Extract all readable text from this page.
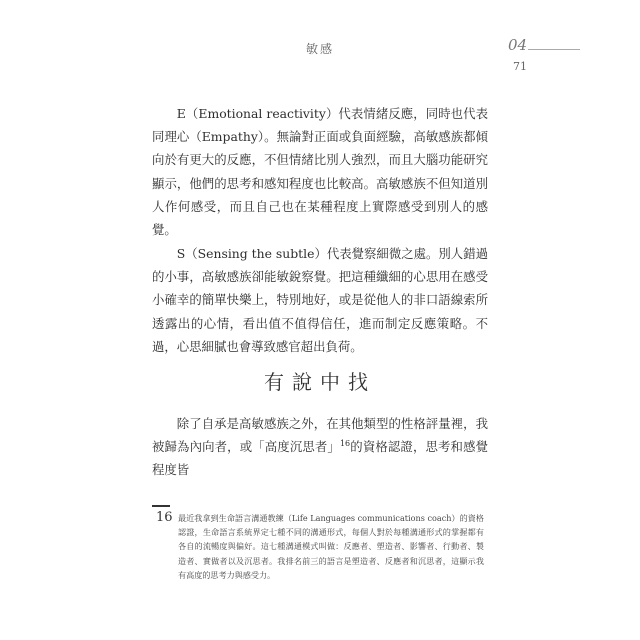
敏感	04
71

E（Emotional reactivity）代表情緒反應，同時也代表同理心（Empathy）。無論對正面或負面經驗，高敏感族都傾向於有更大的反應，不但情緒比別人強烈，而且大腦功能研究顯示，他們的思考和感知程度也比較高。高敏感族不但知道別人作何感受，而且自己也在某種程度上實際感受到別人的感覺。

S（Sensing the subtle）代表覺察細微之處。別人錯過的小事，高敏感族卻能敏銳察覺。把這種纖細的心思用在感受小確幸的簡單快樂上，特別地好，或是從他人的非口語線索所透露出的心情，看出值不值得信任，進而制定反應策略。不過，心思細膩也會導致感官超出負荷。

有說中找

除了自承是高敏感族之外，在其他類型的性格評量裡，我被歸為內向者，或「高度沉思者」$^{16}$的資格認證，思考和感覺程度皆

16 最近我拿到生命語言溝通教練（Life Languages communications coach）的資格認證，生命語言系統界定七種不同的溝通形式，每個人對於每種溝通形式的掌握都有各自的流暢度與偏好。這七種溝通模式叫做：反應者、塑造者、影響者、行動者、製造者、實做者以及沉思者。我排名前三的語言是塑造者、反應者和沉思者，這顯示我有高度的思考力與感受力。
